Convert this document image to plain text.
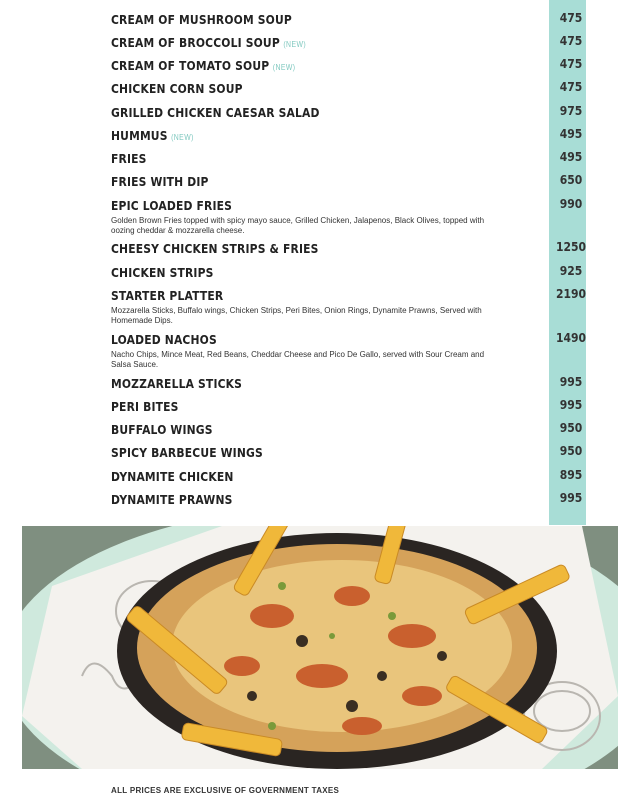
CREAM OF MUSHROOM SOUP	475
CREAM OF BROCCOLI SOUP (NEW)	475
CREAM OF TOMATO SOUP (NEW)	475
CHICKEN CORN SOUP	475
GRILLED CHICKEN CAESAR SALAD	975
HUMMUS (NEW)	495
FRIES	495
FRIES WITH DIP	650
EPIC LOADED FRIES	990
Golden Brown Fries topped with spicy mayo sauce, Grilled Chicken, Jalapenos, Black Olives, topped with oozing cheddar & mozzarella cheese.
CHEESY CHICKEN STRIPS & FRIES	1250
CHICKEN STRIPS	925
STARTER PLATTER	2190
Mozzarella Sticks, Buffalo wings, Chicken Strips, Peri Bites, Onion Rings, Dynamite Prawns, Served with Homemade Dips.
LOADED NACHOS	1490
Nacho Chips, Mince Meat, Red Beans, Cheddar Cheese and Pico De Gallo, served with Sour Cream and Salsa Sauce.
MOZZARELLA STICKS	995
PERI BITES	995
BUFFALO WINGS	950
SPICY BARBECUE WINGS	950
DYNAMITE CHICKEN	895
DYNAMITE PRAWNS	995
ALL PRICES ARE EXCLUSIVE OF GOVERNMENT TAXES
